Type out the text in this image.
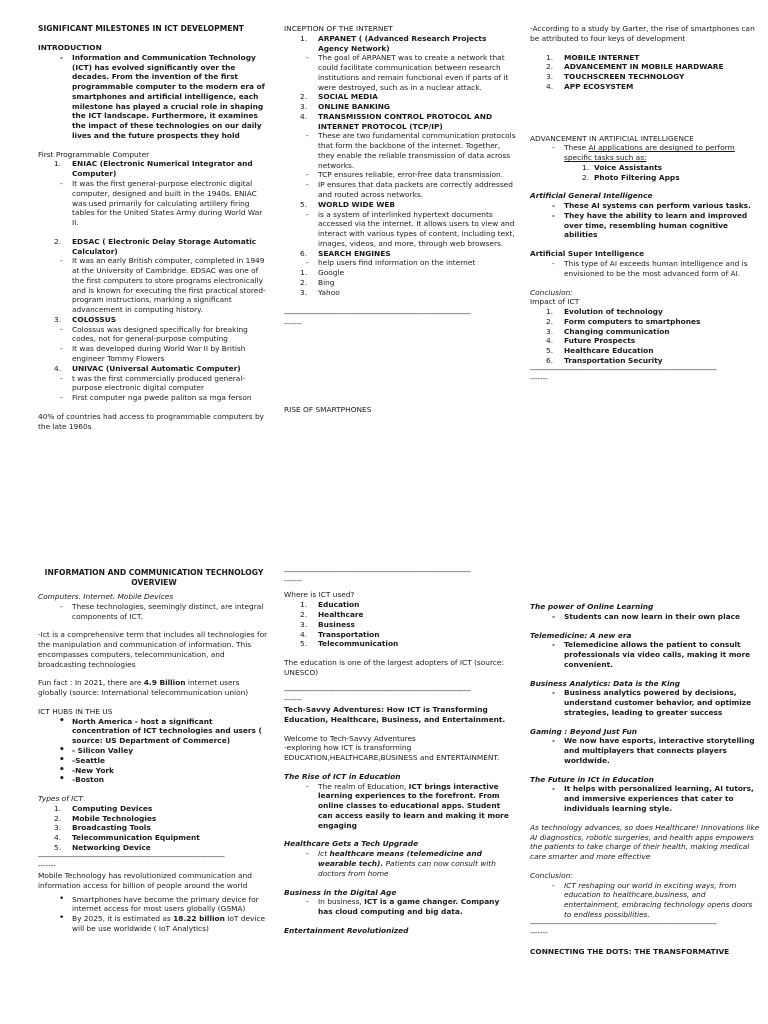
SIGNIFICANT MILESTONES IN ICT DEVELOPMENT

INTRODUCTION

- Information and Communication Technology (ICT) has evolved significantly over the decades. From the invention of the first programmable computer to the modern era of smartphones and artificial intelligence, each milestone has played a crucial role in shaping the ICT landscape. Furthermore, it examines the impact of these technologies on our daily lives and the future prospects they hold

First Programmable Computer

1. ENIAC (Electronic Numerical Integrator and Computer)
- It was the first general-purpose electronic digital computer, designed and built in the 1940s. ENIAC was used primarily for calculating artillery firing tables for the United States Army during World War II.
2. EDSAC ( Electronic Delay Storage Automatic Calculator)
- It was an early British computer, completed in 1949 at the University of Cambridge. EDSAC was one of the first computers to store programs electronically and is known for executing the first practical stored-program instructions, marking a significant advancement in computing history.
3. COLOSSUS
- Colossus was designed specifically for breaking codes, not for general-purpose computing
- It was developed during World War II by British engineer Tommy Flowers
4. UNIVAC (Universal Automatic Computer)
- t was the first commercially produced general-purpose electronic digital computer
- First computer nga pwede paliton sa mga ferson

40% of countries had access to programmable computers by the late 1960s

INCEPTION OF THE INTERNET

1. ARPANET ( (Advanced Research Projects Agency Network)
- The goal of ARPANET was to create a network that could facilitate communication between research institutions and remain functional even if parts of it were destroyed, such as in a nuclear attack.
2. SOCIAL MEDIA
3. ONLINE BANKING
4. TRANSMISSION CONTROL PROTOCOL AND INTERNET PROTOCOL (TCP/IP)
- These are two fundamental communication protocols that form the backbone of the internet. Together, they enable the reliable transmission of data across networks.
- TCP ensures reliable, error-free data transmission.
- IP ensures that data packets are correctly addressed and routed across networks.
5. WORLD WIDE WEB
- is a system of interlinked hypertext documents accessed via the internet. It allows users to view and interact with various types of content, including text, images, videos, and more, through web browsers.
6. SEARCH ENGINES
- help users find information on the internet
1. Google
2. Bing
3. Yahoo
--------------------------------------------------------------------------------------------
-------

RISE OF SMARTPHONES

-According to a study by Garter, the rise of smartphones can be attributed to four keys of development

1. MOBILE INTERNET
2. ADVANCEMENT IN MOBILE HARDWARE
3. TOUCHSCREEN TECHNOLOGY
4. APP ECOSYSTEM

ADVANCEMENT IN ARTIFICIAL INTELLIGENCE

- These AI applications are designed to perform specific tasks such as:
1. Voice Assistants
2. Photo Filtering Apps

Artificial General Intelligence

- These AI systems can perform various tasks.
- They have the ability to learn and improved over time, resembling human cognitive abilities

Artificial Super Intelligence

- This type of AI exceeds human intelligence and is envisioned to be the most advanced form of AI.

Conclusion:

Impact of ICT

1. Evolution of technology
2. Form computers to smartphones
3. Changing communication
4. Future Prospects
5. Healthcare Education
6. Transportation Security
--------------------------------------------------------------------------------------------
-------
INFORMATION AND COMMUNICATION TECHNOLOGY OVERVIEW

Computers. Internet. Mobile Devices

- These technologies, seemingly distinct, are integral components of ICT.

-Ict is a comprehensive term that includes all technologies for the manipulation and communication of information. This encompasses computers, telecommunication, and broadcasting technologies

Fun fact : In 2021, there are 4.9 Billion internet users globally (source: International telecommunication union)

ICT HUBS IN THE US

• North America - host a significant concentration of ICT technologies and users ( source: US Department of Commerce)
• - Silicon Valley
• -Seattle
• -New York
• -Boston

Types of ICT

1. Computing Devices
2. Mobile Technologies
3. Broadcasting Tools
4. Telecommunication Equipment
5. Networking Device
--------------------------------------------------------------------------------------------
-------

Mobile Technology has revolutionized communication and information access for billion of people around the world

• Smartphones have become the primary device for internet access for most users globally (GSMA)
• By 2025, it is estimated as 18.22 billion IoT device will be use worldwide ( IoT Analytics)
--------------------------------------------------------------------------------------------
-------

Where is ICT used?

1. Education
2. Healthcare
3. Business
4. Transportation
5. Telecommunication

The education is one of the largest adopters of ICT (source: UNESCO)

--------------------------------------------------------------------------------------------
-------

Tech-Savvy Adventures: How ICT is Transforming Education, Healthcare, Business, and Entertainment.

Welcome to Tech-Savvy Adventures

-exploring how ICT is transforming EDUCATION,HEALTHCARE,BUSINESS and ENTERTAINMENT.

The Rise of ICT in Education

- The realm of Education, ICT brings interactive learning experiences to the forefront. From online classes to educational apps. Student can access easily to learn and making it more engaging

Healthcare Gets a Tech Upgrade

- Ict healthcare means (telemedicine and wearable tech). Patients can now consult with doctors from home

Business in the Digital Age

- In business, ICT is a game changer. Company has cloud computing and big data.

Entertainment Revolutionized

The power of Online Learning

- Students can now learn in their own place

Telemedicine: A new era

- Telemedicine allows the patient to consult professionals via video calls, making it more convenient.

Business Analytics: Data is the King

- Business analytics powered by decisions, understand customer behavior, and optimize strategies, leading to greater success

Gaming : Beyond Just Fun

- We now have esports, interactive storytelling and multiplayers that connects players worldwide.

The Future in ICt in Education

- It helps with personalized learning, AI tutors, and immersive experiences that cater to individuals learning style.

As technology advances, so does Healthcare! Innovations like AI diagnostics, robotic surgeries, and health apps empowers the patients to take charge of their health, making medical care smarter and more effective

Conclusion:

- ICT reshaping our world in exciting ways, from education to healthcare,business, and entertainment, embracing technology opens doors to endless possibilities.
--------------------------------------------------------------------------------------------
-------

CONNECTING THE DOTS: THE TRANSFORMATIVE
